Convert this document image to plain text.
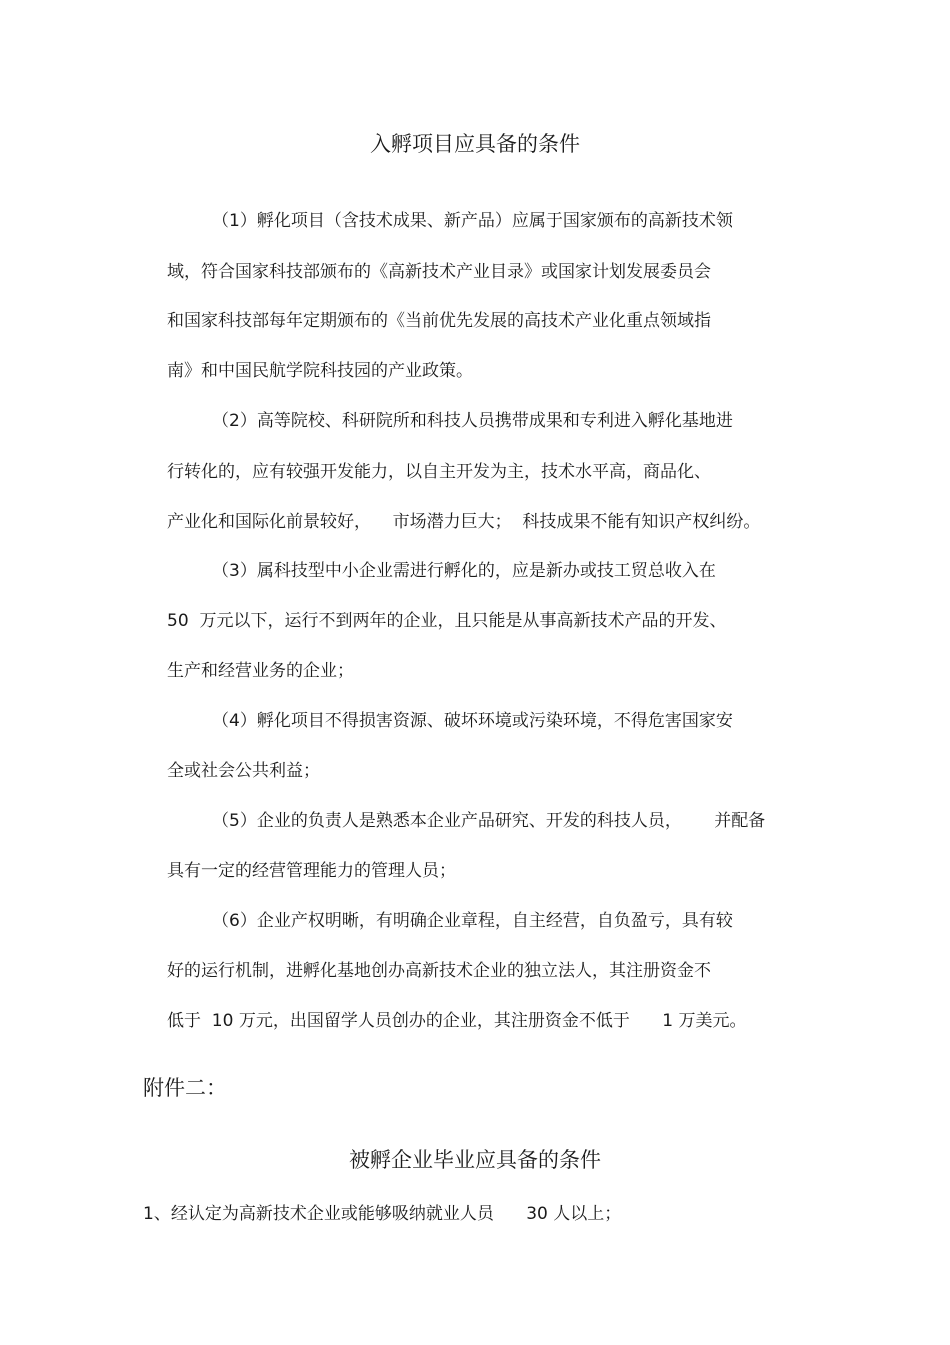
入孵项目应具备的条件
（1）孵化项目（含技术成果、新产品）应属于国家颁布的高新技术领
域，符合国家科技部颁布的《高新技术产业目录》或国家计划发展委员会
和国家科技部每年定期颁布的《当前优先发展的高技术产业化重点领域指
南》和中国民航学院科技园的产业政策。
（2）高等院校、科研院所和科技人员携带成果和专利进入孵化基地进
行转化的，应有较强开发能力，以自主开发为主，技术水平高，商品化、
产业化和国际化前景较好，    市场潜力巨大；  科技成果不能有知识产权纠纷。
（3）属科技型中小企业需进行孵化的，应是新办或技工贸总收入在
50  万元以下，运行不到两年的企业，且只能是从事高新技术产品的开发、
生产和经营业务的企业；
（4）孵化项目不得损害资源、破坏环境或污染环境，不得危害国家安
全或社会公共利益；
（5）企业的负责人是熟悉本企业产品研究、开发的科技人员，      并配备
具有一定的经营管理能力的管理人员；
（6）企业产权明晰，有明确企业章程，自主经营，自负盈亏，具有较
好的运行机制，进孵化基地创办高新技术企业的独立法人，其注册资金不
低于  10 万元，出国留学人员创办的企业，其注册资金不低于      1 万美元。
附件二：
被孵企业毕业应具备的条件
1、经认定为高新技术企业或能够吸纳就业人员      30 人以上；
